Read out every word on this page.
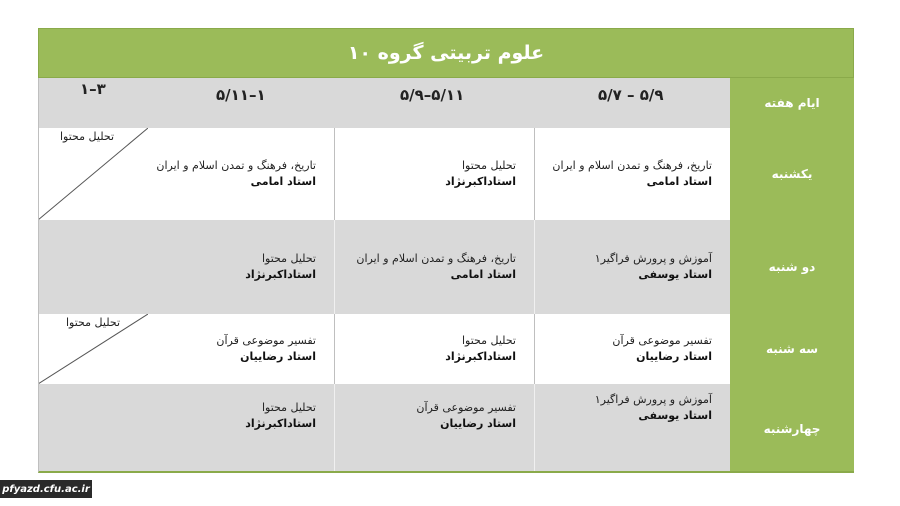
علوم تربیتی گروه ۱۰
ایام هفته
۵/۷ – ۵/۹
۵/۹–۵/۱۱
۵/۱۱–۱
۱–۳
یکشنبه
تاریخ، فرهنگ و تمدن اسلام و ایران
استاد امامی
تحلیل محتوا
استاداکبرنژاد
تاریخ، فرهنگ و تمدن اسلام و ایران
استاد امامی
تحلیل محتوا
دو شنبه
آموزش و پرورش فراگیر۱
استاد یوسفی
تاریخ، فرهنگ و تمدن اسلام و ایران
استاد امامی
تحلیل محتوا
استاداکبرنژاد
سه شنبه
تفسیر موضوعی قرآن
استاد رضاییان
تحلیل محتوا
استاداکبرنژاد
تفسیر موضوعی قرآن
استاد رضاییان
تحلیل محتوا
چهارشنبه
آموزش و پرورش فراگیر۱
استاد یوسفی
تفسیر موضوعی قرآن
استاد رضاییان
تحلیل محتوا
استاداکبرنژاد
pfyazd.cfu.ac.ir
